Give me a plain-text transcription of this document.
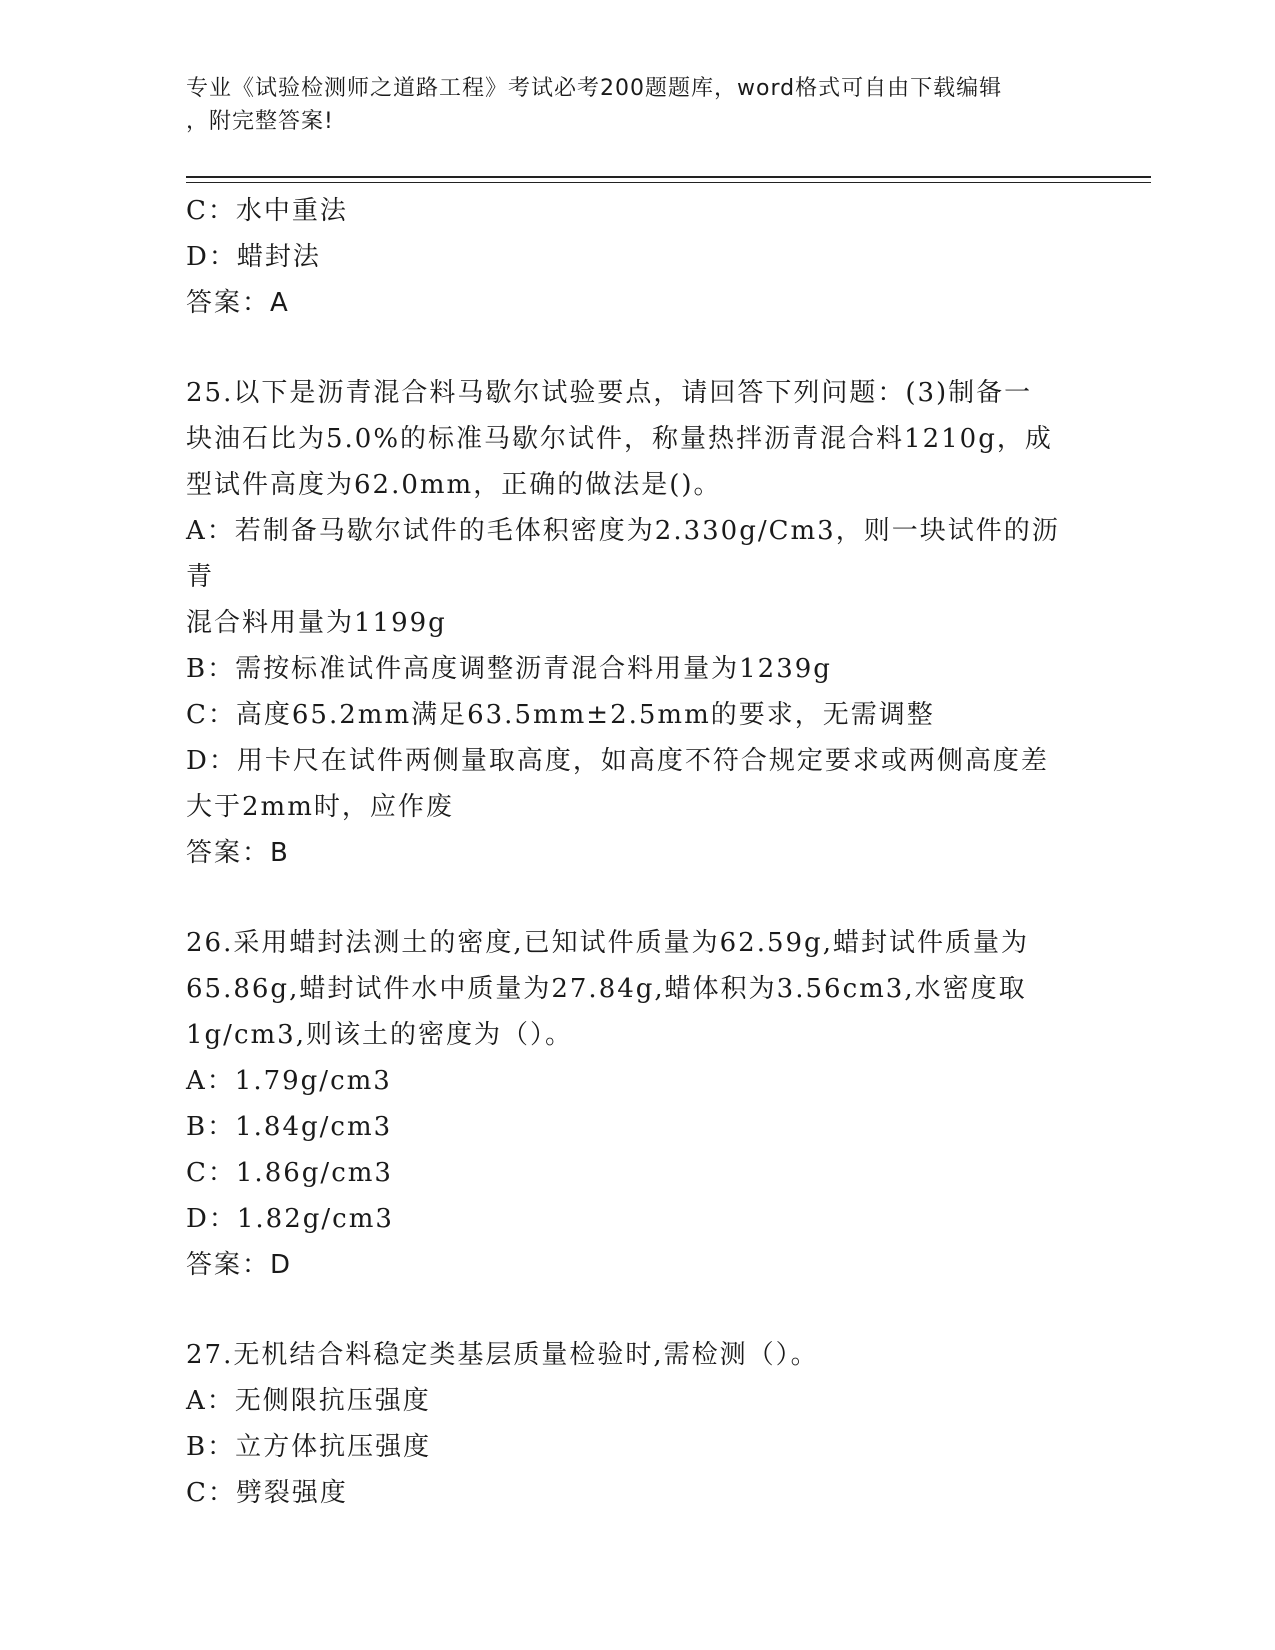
专业《试验检测师之道路工程》考试必考200题题库，word格式可自由下载编辑
，附完整答案!
C：水中重法
D：蜡封法
答案：A
25.以下是沥青混合料马歇尔试验要点，请回答下列问题：(3)制备一
块油石比为5.0%的标准马歇尔试件，称量热拌沥青混合料1210g，成
型试件高度为62.0mm，正确的做法是()。
A：若制备马歇尔试件的毛体积密度为2.330g/Cm3，则一块试件的沥青
混合料用量为1199g
B：需按标准试件高度调整沥青混合料用量为1239g
C：高度65.2mm满足63.5mm±2.5mm的要求，无需调整
D：用卡尺在试件两侧量取高度，如高度不符合规定要求或两侧高度差
大于2mm时，应作废
答案：B
26.采用蜡封法测土的密度,已知试件质量为62.59g,蜡封试件质量为
65.86g,蜡封试件水中质量为27.84g,蜡体积为3.56cm3,水密度取
1g/cm3,则该土的密度为（）。
A：1.79g/cm3
B：1.84g/cm3
C：1.86g/cm3
D：1.82g/cm3
答案：D
27.无机结合料稳定类基层质量检验时,需检测（）。
A：无侧限抗压强度
B：立方体抗压强度
C：劈裂强度
